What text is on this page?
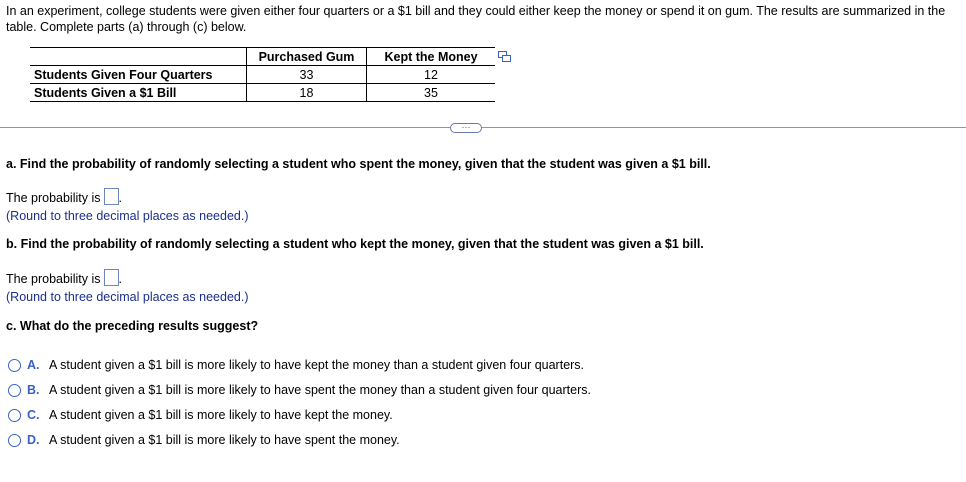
In an experiment, college students were given either four quarters or a $1 bill and they could either keep the money or spend it on gum. The results are summarized in the table. Complete parts (a) through (c) below.
	Purchased Gum	Kept the Money
Students Given Four Quarters	33	12
Students Given a $1 Bill	18	35
···
a. Find the probability of randomly selecting a student who spent the money, given that the student was given a $1 bill.
The probability is .
(Round to three decimal places as needed.)
b. Find the probability of randomly selecting a student who kept the money, given that the student was given a $1 bill.
The probability is .
(Round to three decimal places as needed.)
c. What do the preceding results suggest?
A. A student given a $1 bill is more likely to have kept the money than a student given four quarters.
B. A student given a $1 bill is more likely to have spent the money than a student given four quarters.
C. A student given a $1 bill is more likely to have kept the money.
D. A student given a $1 bill is more likely to have spent the money.
